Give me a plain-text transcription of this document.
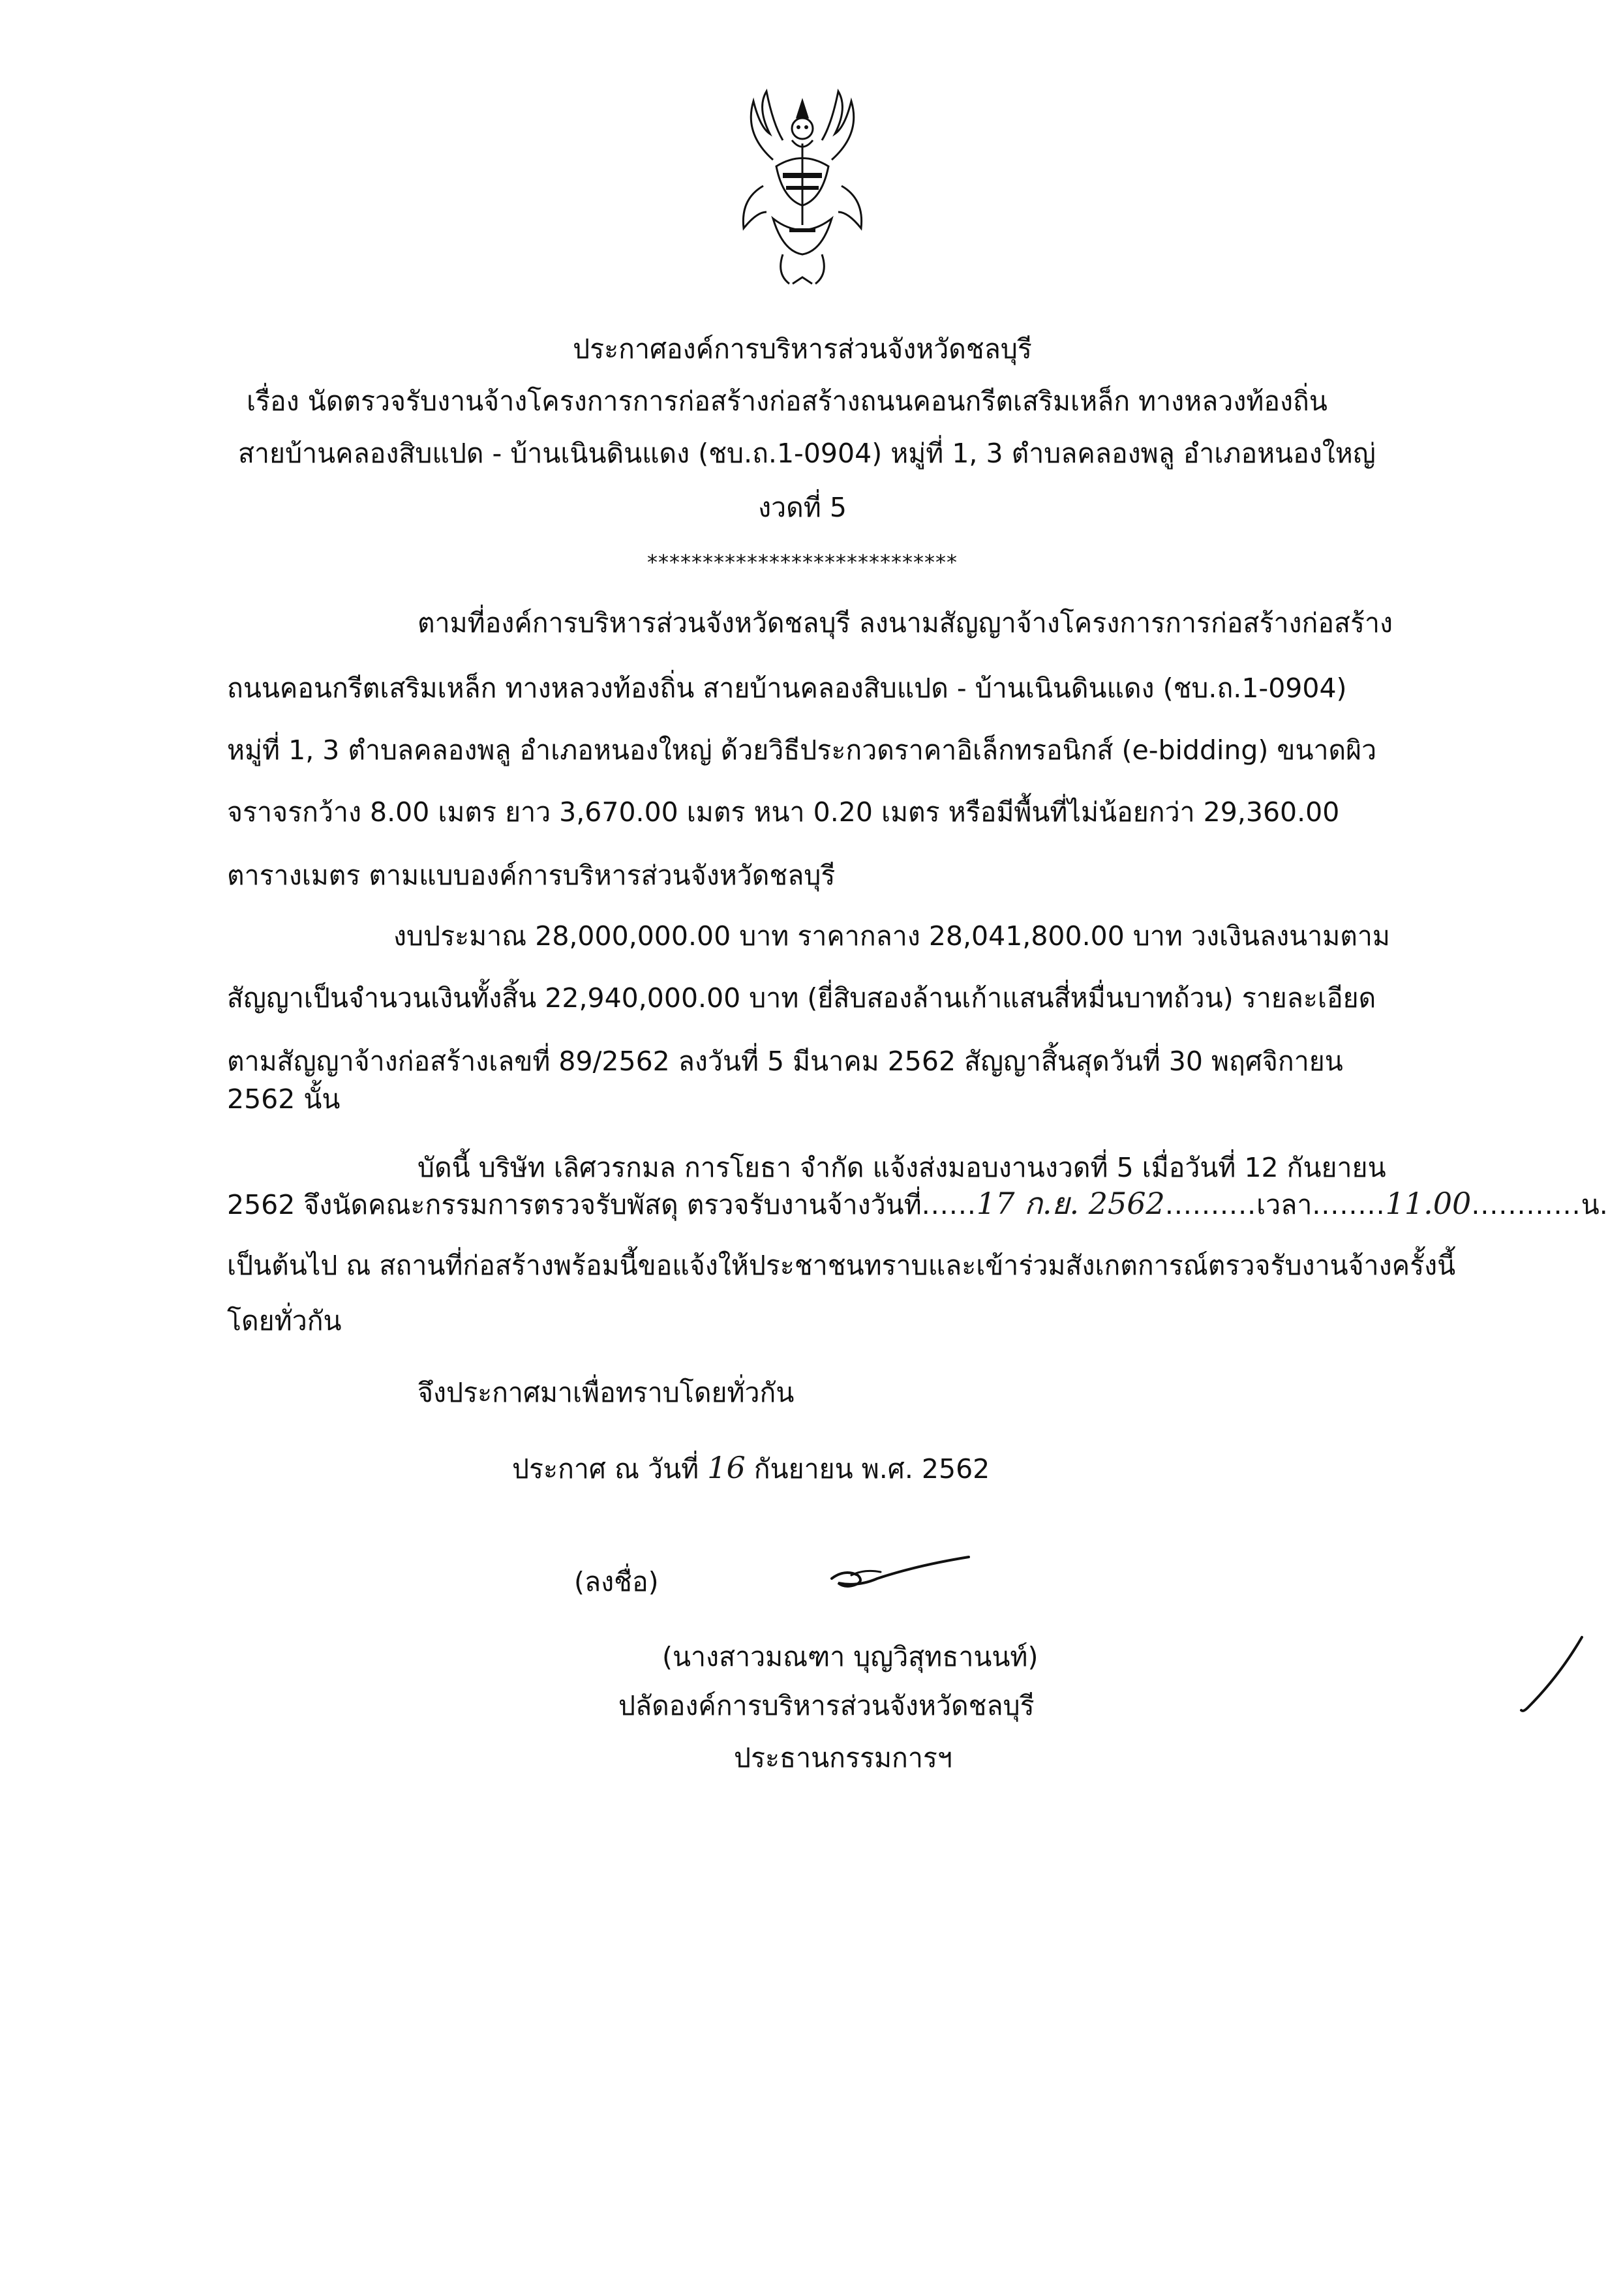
ประกาศองค์การบริหารส่วนจังหวัดชลบุรี
เรื่อง นัดตรวจรับงานจ้างโครงการการก่อสร้างก่อสร้างถนนคอนกรีตเสริมเหล็ก ทางหลวงท้องถิ่น
สายบ้านคลองสิบแปด - บ้านเนินดินแดง (ชบ.ถ.1-0904) หมู่ที่ 1, 3 ตำบลคลองพลู อำเภอหนองใหญ่
งวดที่ 5
****************************
ตามที่องค์การบริหารส่วนจังหวัดชลบุรี ลงนามสัญญาจ้างโครงการการก่อสร้างก่อสร้าง
ถนนคอนกรีตเสริมเหล็ก ทางหลวงท้องถิ่น สายบ้านคลองสิบแปด - บ้านเนินดินแดง (ชบ.ถ.1-0904)
หมู่ที่ 1, 3 ตำบลคลองพลู อำเภอหนองใหญ่ ด้วยวิธีประกวดราคาอิเล็กทรอนิกส์ (e-bidding) ขนาดผิว
จราจรกว้าง 8.00 เมตร ยาว 3,670.00 เมตร หนา 0.20 เมตร หรือมีพื้นที่ไม่น้อยกว่า 29,360.00
ตารางเมตร ตามแบบองค์การบริหารส่วนจังหวัดชลบุรี
งบประมาณ 28,000,000.00 บาท ราคากลาง 28,041,800.00 บาท วงเงินลงนามตาม
สัญญาเป็นจำนวนเงินทั้งสิ้น 22,940,000.00 บาท (ยี่สิบสองล้านเก้าแสนสี่หมื่นบาทถ้วน) รายละเอียด
ตามสัญญาจ้างก่อสร้างเลขที่ 89/2562 ลงวันที่ 5 มีนาคม 2562 สัญญาสิ้นสุดวันที่ 30 พฤศจิกายน
2562 นั้น
บัดนี้ บริษัท เลิศวรกมล การโยธา จำกัด แจ้งส่งมอบงานงวดที่ 5 เมื่อวันที่ 12 กันยายน
2562 จึงนัดคณะกรรมการตรวจรับพัสดุ ตรวจรับงานจ้างวันที่......17 ก.ย. 2562..........เวลา........11.00............น.
เป็นต้นไป ณ สถานที่ก่อสร้างพร้อมนี้ขอแจ้งให้ประชาชนทราบและเข้าร่วมสังเกตการณ์ตรวจรับงานจ้างครั้งนี้
โดยทั่วกัน
จึงประกาศมาเพื่อทราบโดยทั่วกัน
ประกาศ ณ วันที่ 16 กันยายน พ.ศ. 2562
(ลงชื่อ)
(นางสาวมณฑา บุญวิสุทธานนท์)
ปลัดองค์การบริหารส่วนจังหวัดชลบุรี
ประธานกรรมการฯ
